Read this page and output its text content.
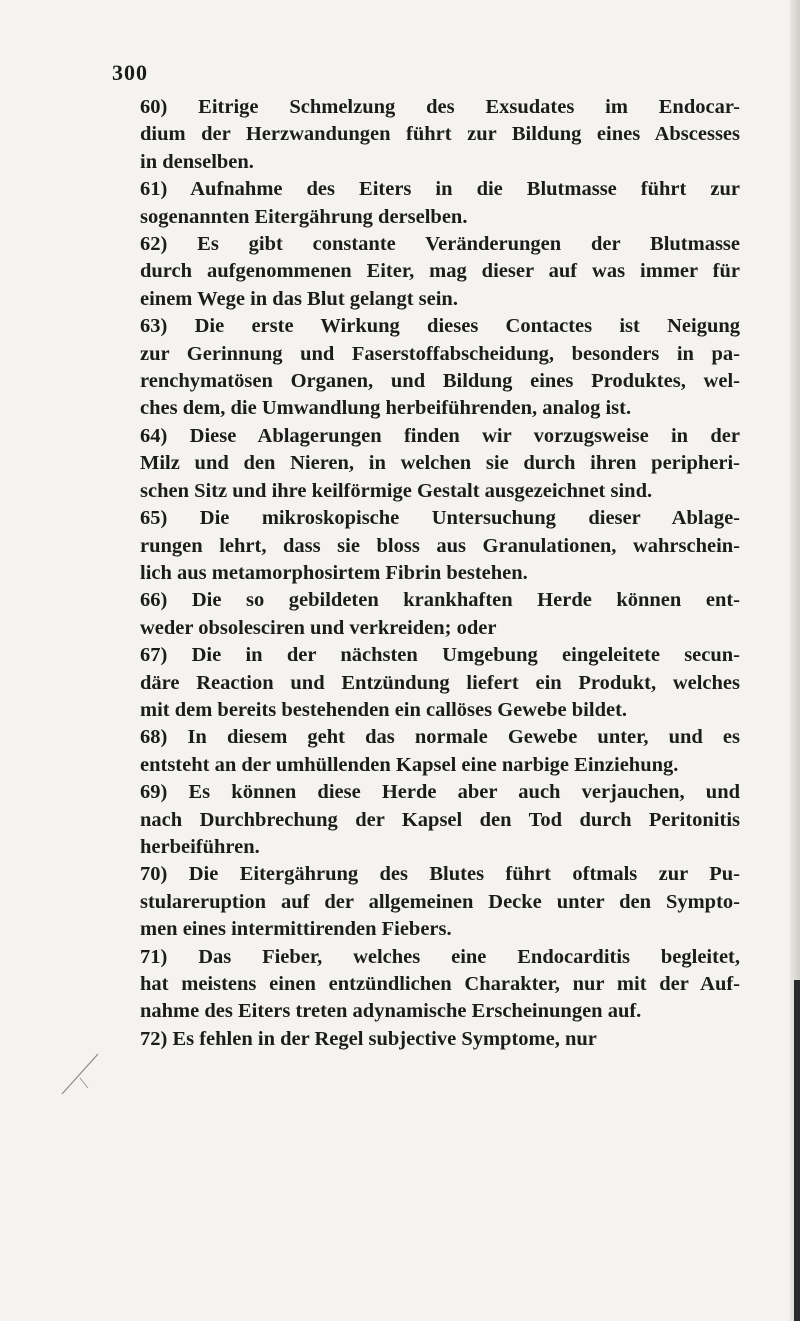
300

60) Eitrige Schmelzung des Exsudates im Endocar-
dium der Herzwandungen führt zur Bildung eines Abscesses
in denselben.

61) Aufnahme des Eiters in die Blutmasse führt zur
sogenannten Eitergährung derselben.

62) Es gibt constante Veränderungen der Blutmasse
durch aufgenommenen Eiter, mag dieser auf was immer für
einem Wege in das Blut gelangt sein.

63) Die erste Wirkung dieses Contactes ist Neigung
zur Gerinnung und Faserstoffabscheidung, besonders in pa-
renchymatösen Organen, und Bildung eines Produktes, wel-
ches dem, die Umwandlung herbeiführenden, analog ist.

64) Diese Ablagerungen finden wir vorzugsweise in der
Milz und den Nieren, in welchen sie durch ihren peripheri-
schen Sitz und ihre keilförmige Gestalt ausgezeichnet sind.

65) Die mikroskopische Untersuchung dieser Ablage-
rungen lehrt, dass sie bloss aus Granulationen, wahrschein-
lich aus metamorphosirtem Fibrin bestehen.

66) Die so gebildeten krankhaften Herde können ent-
weder obsolesciren und verkreiden; oder

67) Die in der nächsten Umgebung eingeleitete secun-
däre Reaction und Entzündung liefert ein Produkt, welches
mit dem bereits bestehenden ein callöses Gewebe bildet.

68) In diesem geht das normale Gewebe unter, und es
entsteht an der umhüllenden Kapsel eine narbige Einziehung.

69) Es können diese Herde aber auch verjauchen, und
nach Durchbrechung der Kapsel den Tod durch Peritonitis
herbeiführen.

70) Die Eitergährung des Blutes führt oftmals zur Pu-
stulareruption auf der allgemeinen Decke unter den Sympto-
men eines intermittirenden Fiebers.

71) Das Fieber, welches eine Endocarditis begleitet,
hat meistens einen entzündlichen Charakter, nur mit der Auf-
nahme des Eiters treten adynamische Erscheinungen auf.

72) Es fehlen in der Regel subjective Symptome, nur
